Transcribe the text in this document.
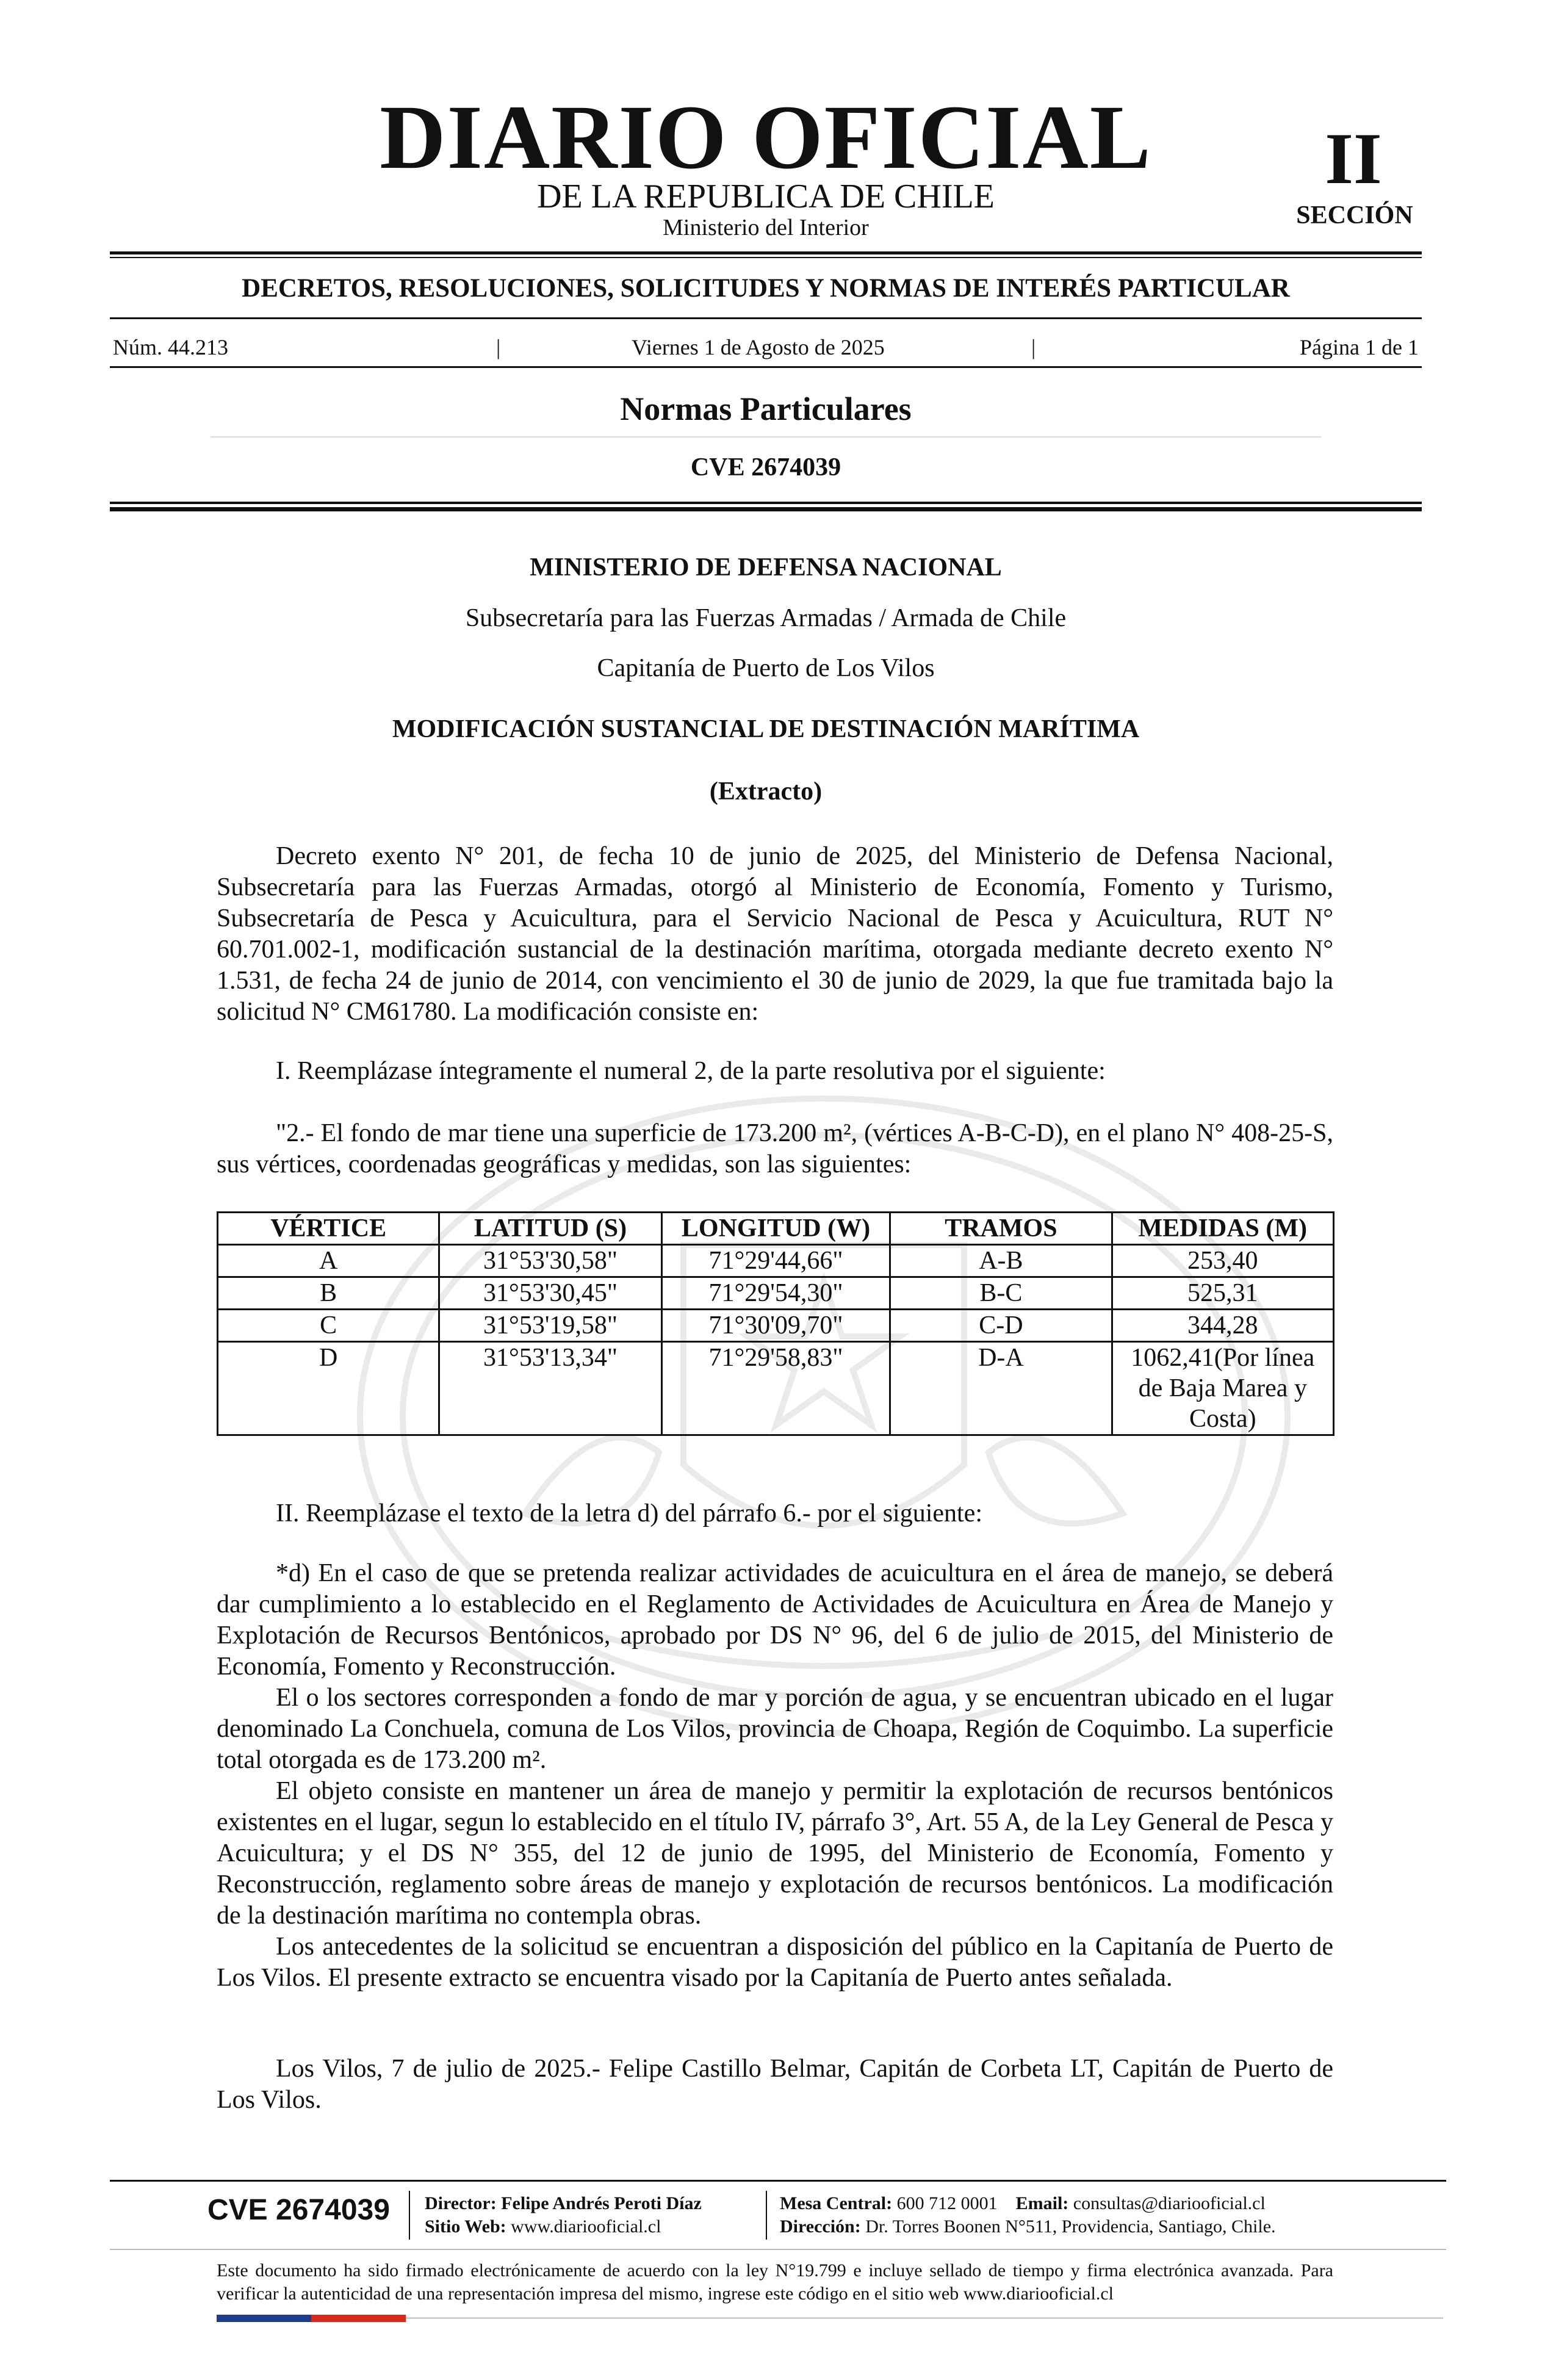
DIARIO OFICIAL
DE LA REPUBLICA DE CHILE
Ministerio del Interior
II
SECCIÓN
DECRETOS, RESOLUCIONES, SOLICITUDES Y NORMAS DE INTERÉS PARTICULAR
Núm. 44.213	|	Viernes 1 de Agosto de 2025	|	Página 1 de 1
Normas Particulares
CVE 2674039
MINISTERIO DE DEFENSA NACIONAL
Subsecretaría para las Fuerzas Armadas / Armada de Chile
Capitanía de Puerto de Los Vilos
MODIFICACIÓN SUSTANCIAL DE DESTINACIÓN MARÍTIMA
(Extracto)

Decreto exento N° 201, de fecha 10 de junio de 2025, del Ministerio de Defensa Nacional, Subsecretaría para las Fuerzas Armadas, otorgó al Ministerio de Economía, Fomento y Turismo, Subsecretaría de Pesca y Acuicultura, para el Servicio Nacional de Pesca y Acuicultura, RUT N° 60.701.002-1, modificación sustancial de la destinación marítima, otorgada mediante decreto exento N° 1.531, de fecha 24 de junio de 2014, con vencimiento el 30 de junio de 2029, la que fue tramitada bajo la solicitud N° CM61780. La modificación consiste en:

I. Reemplázase íntegramente el numeral 2, de la parte resolutiva por el siguiente:

"2.- El fondo de mar tiene una superficie de 173.200 m², (vértices A-B-C-D), en el plano N° 408-25-S, sus vértices, coordenadas geográficas y medidas, son las siguientes:

VÉRTICE	LATITUD (S)	LONGITUD (W)	TRAMOS	MEDIDAS (M)
A	31°53'30,58"	71°29'44,66"	A-B	253,40
B	31°53'30,45"	71°29'54,30"	B-C	525,31
C	31°53'19,58"	71°30'09,70"	C-D	344,28
D	31°53'13,34"	71°29'58,83"	D-A	1062,41(Por línea de Baja Marea y Costa)

II. Reemplázase el texto de la letra d) del párrafo 6.- por el siguiente:

*d) En el caso de que se pretenda realizar actividades de acuicultura en el área de manejo, se deberá dar cumplimiento a lo establecido en el Reglamento de Actividades de Acuicultura en Área de Manejo y Explotación de Recursos Bentónicos, aprobado por DS N° 96, del 6 de julio de 2015, del Ministerio de Economía, Fomento y Reconstrucción.

El o los sectores corresponden a fondo de mar y porción de agua, y se encuentran ubicado en el lugar denominado La Conchuela, comuna de Los Vilos, provincia de Choapa, Región de Coquimbo. La superficie total otorgada es de 173.200 m².

El objeto consiste en mantener un área de manejo y permitir la explotación de recursos bentónicos existentes en el lugar, segun lo establecido en el título IV, párrafo 3°, Art. 55 A, de la Ley General de Pesca y Acuicultura; y el DS N° 355, del 12 de junio de 1995, del Ministerio de Economía, Fomento y Reconstrucción, reglamento sobre áreas de manejo y explotación de recursos bentónicos. La modificación de la destinación marítima no contempla obras.

Los antecedentes de la solicitud se encuentran a disposición del público en la Capitanía de Puerto de Los Vilos. El presente extracto se encuentra visado por la Capitanía de Puerto antes señalada.

Los Vilos, 7 de julio de 2025.- Felipe Castillo Belmar, Capitán de Corbeta LT, Capitán de Puerto de Los Vilos.

CVE 2674039 Director: Felipe Andrés Peroti Díaz
Sitio Web: www.diariooficial.cl
Mesa Central: 600 712 0001 Email: consultas@diariooficial.cl
Dirección: Dr. Torres Boonen N°511, Providencia, Santiago, Chile.
Este documento ha sido firmado electrónicamente de acuerdo con la ley N°19.799 e incluye sellado de tiempo y firma electrónica avanzada. Para verificar la autenticidad de una representación impresa del mismo, ingrese este código en el sitio web www.diariooficial.cl
